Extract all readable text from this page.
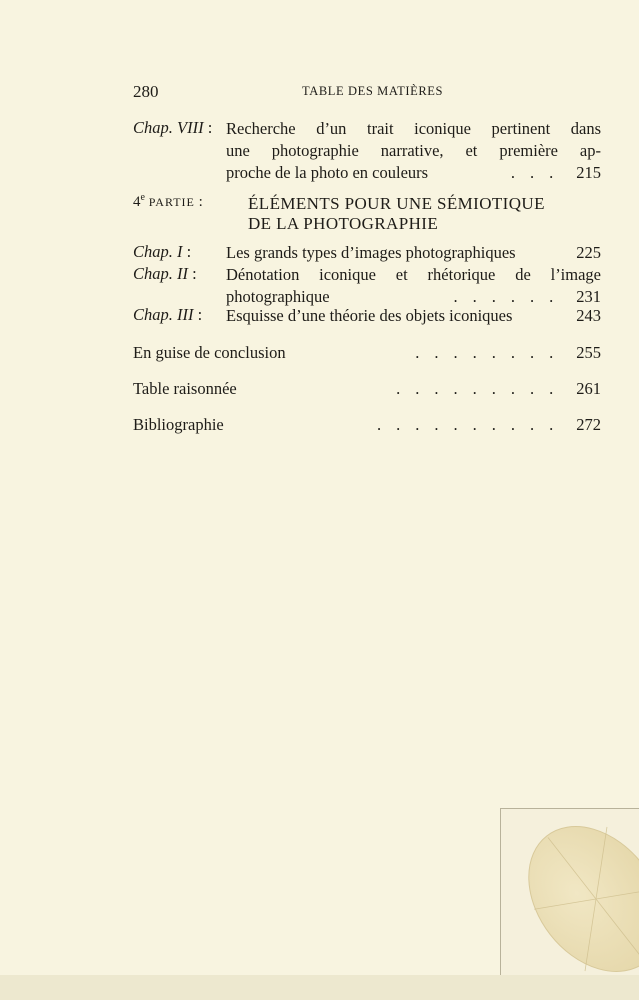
280	TABLE DES MATIÈRES
Chap. VIII : Recherche d’un trait iconique pertinent dans
une photographie narrative, et première ap-
proche de la photo en couleurs	... 215
4e PARTIE :	ÉLÉMENTS POUR UNE SÉMIOTIQUE
DE LA PHOTOGRAPHIE
Chap. I : Les grands types d’images photographiques	225
Chap. II : Dénotation iconique et rhétorique de l’image
photographique	...... 231
Chap. III : Esquisse d’une théorie des objets iconiques	243
En guise de conclusion	........ 255
Table raisonnée	......... 261
Bibliographie	.......... 272
